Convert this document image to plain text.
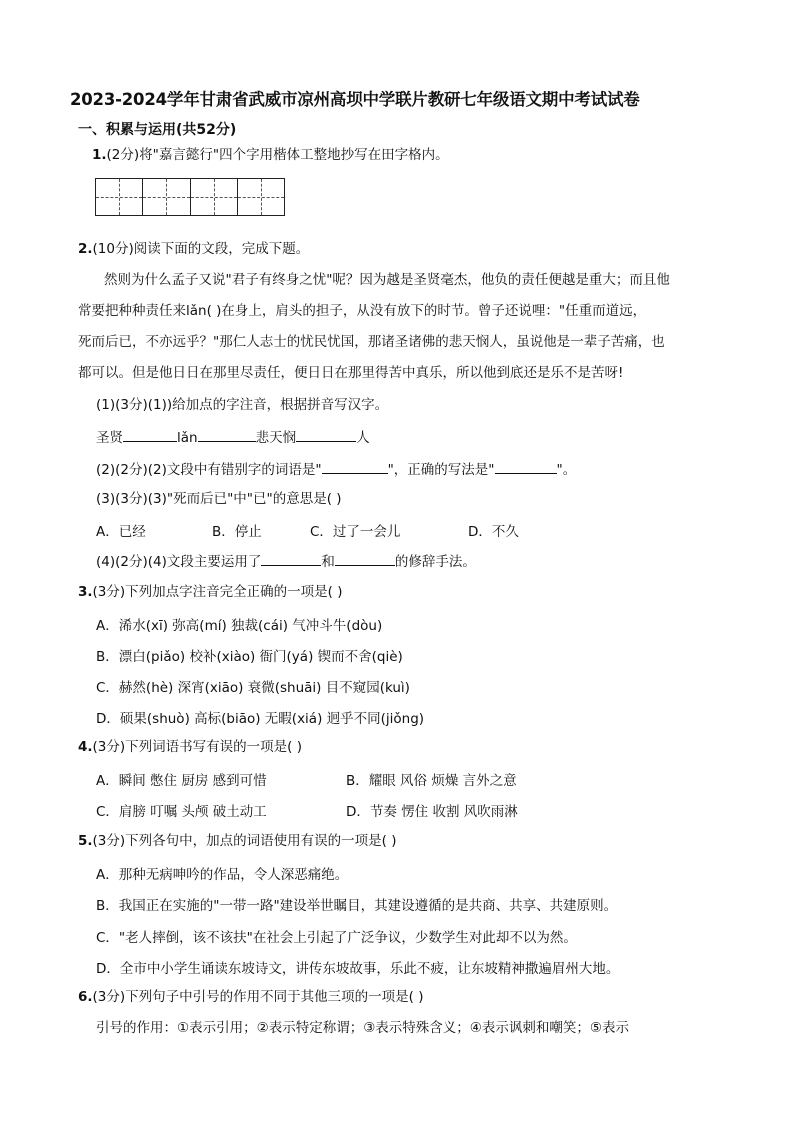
2023-2024学年甘肃省武威市凉州高坝中学联片教研七年级语文期中考试试卷
一、积累与运用(共52分)
1.(2分)将"嘉言懿行"四个字用楷体工整地抄写在田字格内。
2.(10分)阅读下面的文段，完成下题。
然则为什么孟子又说"君子有终身之忧"呢？因为越是圣贤毫杰，他负的责任便越是重大；而且他
常要把种种责任来lǎn( )在身上，肩头的担子，从没有放下的时节。曾子还说哩："任重而道远，
死而后已，不亦远乎？"那仁人志士的忧民忧国，那诸圣诸佛的悲天悯人，虽说他是一辈子苦痛，也
都可以。但是他日日在那里尽责任，便日日在那里得苦中真乐，所以他到底还是乐不是苦呀!
(1)(3分)(1))给加点的字注音，根据拼音写汉字。
圣贤	lǎn	悲天悯	人
(2)(2分)(2)文段中有错别字的词语是"	"，正确的写法是"	"。
(3)(3分)(3)"死而后已"中"已"的意思是( )
A．已经	B．停止	C．过了一会儿	D．不久
(4)(2分)(4)文段主要运用了	和	的修辞手法。
3.(3分)下列加点字注音完全正确的一项是( )
A．浠水(xī) 弥高(mí) 独裁(cái) 气冲斗牛(dòu)
B．漂白(piǎo) 校补(xiào) 衙门(yá) 锲而不舍(qiè)
C．赫然(hè) 深宵(xiāo) 衰微(shuāi) 目不窥园(kuì)
D．硕果(shuò) 高标(biāo) 无暇(xiá) 迥乎不同(jiǒng)
4.(3分)下列词语书写有误的一项是( )
A．瞬间 憋住 厨房 感到可惜	B．耀眼 风俗 烦燥 言外之意
C．肩膀 叮嘱 头颅 破土动工	D．节奏 愣住 收割 风吹雨淋
5.(3分)下列各句中，加点的词语使用有误的一项是( )
A．那种无病呻吟的作品，令人深恶痛绝。
B．我国正在实施的"一带一路"建设举世瞩目，其建设遵循的是共商、共享、共建原则。
C．"老人摔倒，该不该扶"在社会上引起了广泛争议，少数学生对此却不以为然。
D．全市中小学生诵读东坡诗文，讲传东坡故事，乐此不疲，让东坡精神撒遍眉州大地。
6.(3分)下列句子中引号的作用不同于其他三项的一项是( )
引号的作用：①表示引用；②表示特定称谓；③表示特殊含义；④表示讽刺和嘲笑；⑤表示
